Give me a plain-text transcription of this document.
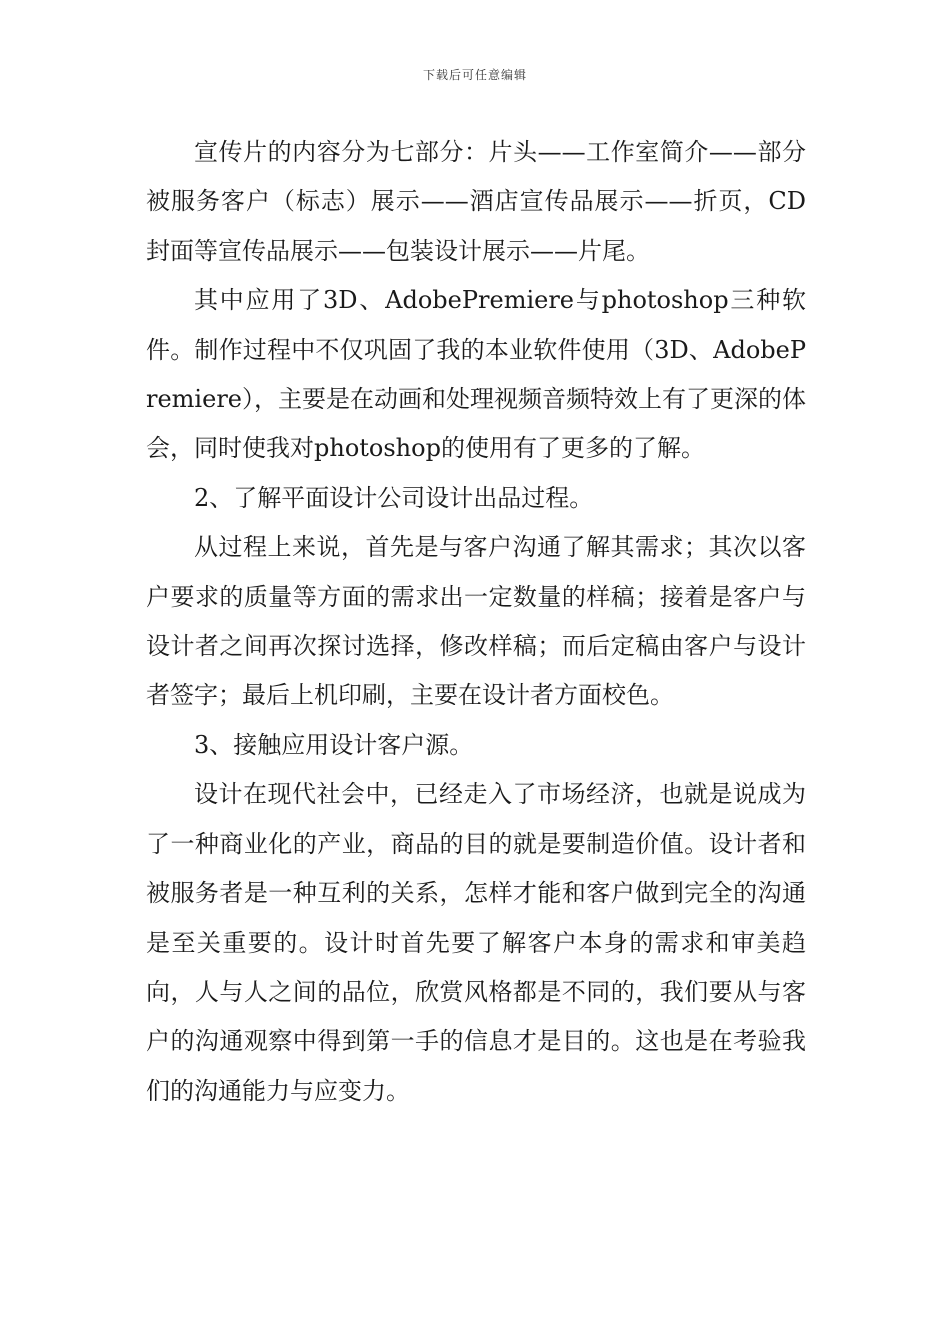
下载后可任意编辑

宣传片的内容分为七部分：片头——工作室简介——部分被服务客户（标志）展示——酒店宣传品展示——折页，CD封面等宣传品展示——包装设计展示——片尾。

其中应用了3D、AdobePremiere与photoshop三种软件。制作过程中不仅巩固了我的本业软件使用（3D、AdobePremiere），主要是在动画和处理视频音频特效上有了更深的体会，同时使我对photoshop的使用有了更多的了解。

2、了解平面设计公司设计出品过程。

从过程上来说，首先是与客户沟通了解其需求；其次以客户要求的质量等方面的需求出一定数量的样稿；接着是客户与设计者之间再次探讨选择，修改样稿；而后定稿由客户与设计者签字；最后上机印刷，主要在设计者方面校色。

3、接触应用设计客户源。

设计在现代社会中，已经走入了市场经济，也就是说成为了一种商业化的产业，商品的目的就是要制造价值。设计者和被服务者是一种互利的关系，怎样才能和客户做到完全的沟通是至关重要的。设计时首先要了解客户本身的需求和审美趋向，人与人之间的品位，欣赏风格都是不同的，我们要从与客户的沟通观察中得到第一手的信息才是目的。这也是在考验我们的沟通能力与应变力。
